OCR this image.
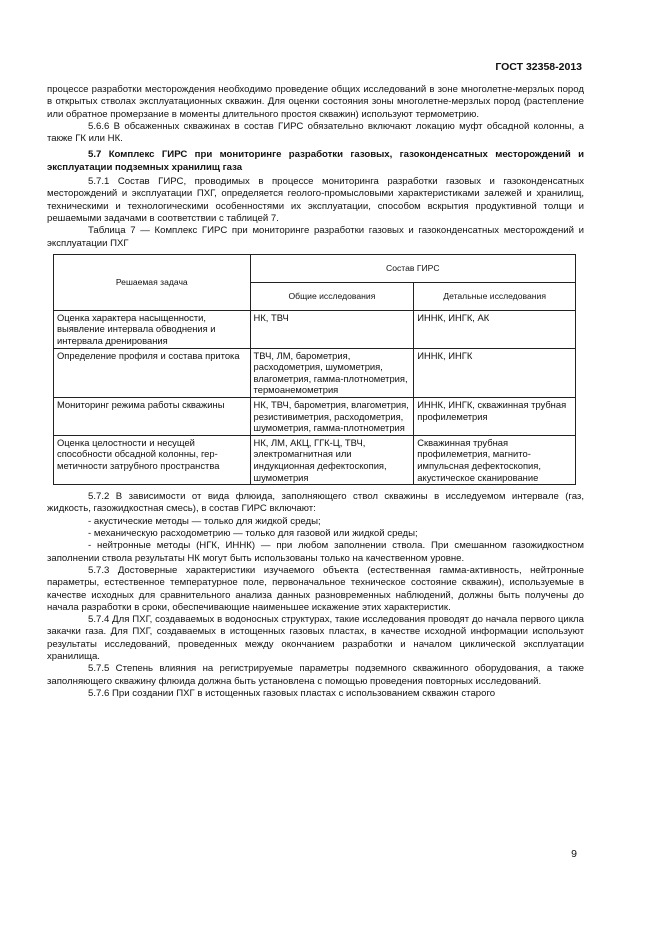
ГОСТ 32358-2013

процессе разработки месторождения необходимо проведение общих исследований в зоне многолетне-мерзлых пород в открытых стволах эксплуатационных скважин. Для оценки состояния зоны многолетне-мерзлых пород (растепление или обратное промерзание в моменты длительного простоя скважин) используют термометрию.

5.6.6 В обсаженных скважинах в состав ГИРС обязательно включают локацию муфт обсадной колонны, а также ГК или НК.

5.7 Комплекс ГИРС при мониторинге разработки газовых, газоконденсатных месторождений и эксплуатации подземных хранилищ газа

5.7.1 Состав ГИРС, проводимых в процессе мониторинга разработки газовых и газоконденсатных месторождений и эксплуатации ПХГ, определяется геолого-промысловыми характеристиками залежей и хранилищ, техническими и технологическими особенностями их эксплуатации, способом вскрытия продуктивной толщи и решаемыми задачами в соответствии с таблицей 7.

Таблица 7 — Комплекс ГИРС при мониторинге разработки газовых и газоконденсатных месторождений и эксплуатации ПХГ

Решаемая задача	Состав ГИРС	
	Общие исследования	Детальные исследования
Оценка характера насыщенности, выявление интервала обводнения и интервала дренирования	НК, ТВЧ	ИННК, ИНГК, АК
Определение профиля и состава притока	ТВЧ, ЛМ, барометрия, расходометрия, шумометрия, влагометрия, гамма-плотнометрия, термоанемометрия	ИННК, ИНГК
Мониторинг режима работы скважины	НК, ТВЧ, барометрия, влагометрия, резистивиметрия, расходометрия, шумометрия, гамма-плотнометрия	ИННК, ИНГК, скважинная трубная профилеметрия
Оценка целостности и несущей способности обсадной колонны, гер-метичности затрубного пространства	НК, ЛМ, АКЦ, ГГК-Ц, ТВЧ, электромагнитная или индукционная дефектоскопия, шумометрия	Скважинная трубная профилеметрия, магнито-импульсная дефектоскопия, акустическое сканирование

5.7.2 В зависимости от вида флюида, заполняющего ствол скважины в исследуемом интервале (газ, жидкость, газожидкостная смесь), в состав ГИРС включают:

- акустические методы — только для жидкой среды;

- механическую расходометрию — только для газовой или жидкой среды;

- нейтронные методы (НГК, ИННК) — при любом заполнении ствола. При смешанном газожидкостном заполнении ствола результаты НК могут быть использованы только на качественном уровне.

5.7.3 Достоверные характеристики изучаемого объекта (естественная гамма-активность, нейтронные параметры, естественное температурное поле, первоначальное техническое состояние скважин), используемые в качестве исходных для сравнительного анализа данных разновременных наблюдений, должны быть получены до начала разработки в сроки, обеспечивающие наименьшее искажение этих характеристик.

5.7.4 Для ПХГ, создаваемых в водоносных структурах, такие исследования проводят до начала первого цикла закачки газа. Для ПХГ, создаваемых в истощенных газовых пластах, в качестве исходной информации используют результаты исследований, проведенных между окончанием разработки и началом циклической эксплуатации хранилища.

5.7.5 Степень влияния на регистрируемые параметры подземного скважинного оборудования, а также заполняющего скважину флюида должна быть установлена с помощью проведения повторных исследований.

5.7.6 При создании ПХГ в истощенных газовых пластах с использованием скважин старого

9
